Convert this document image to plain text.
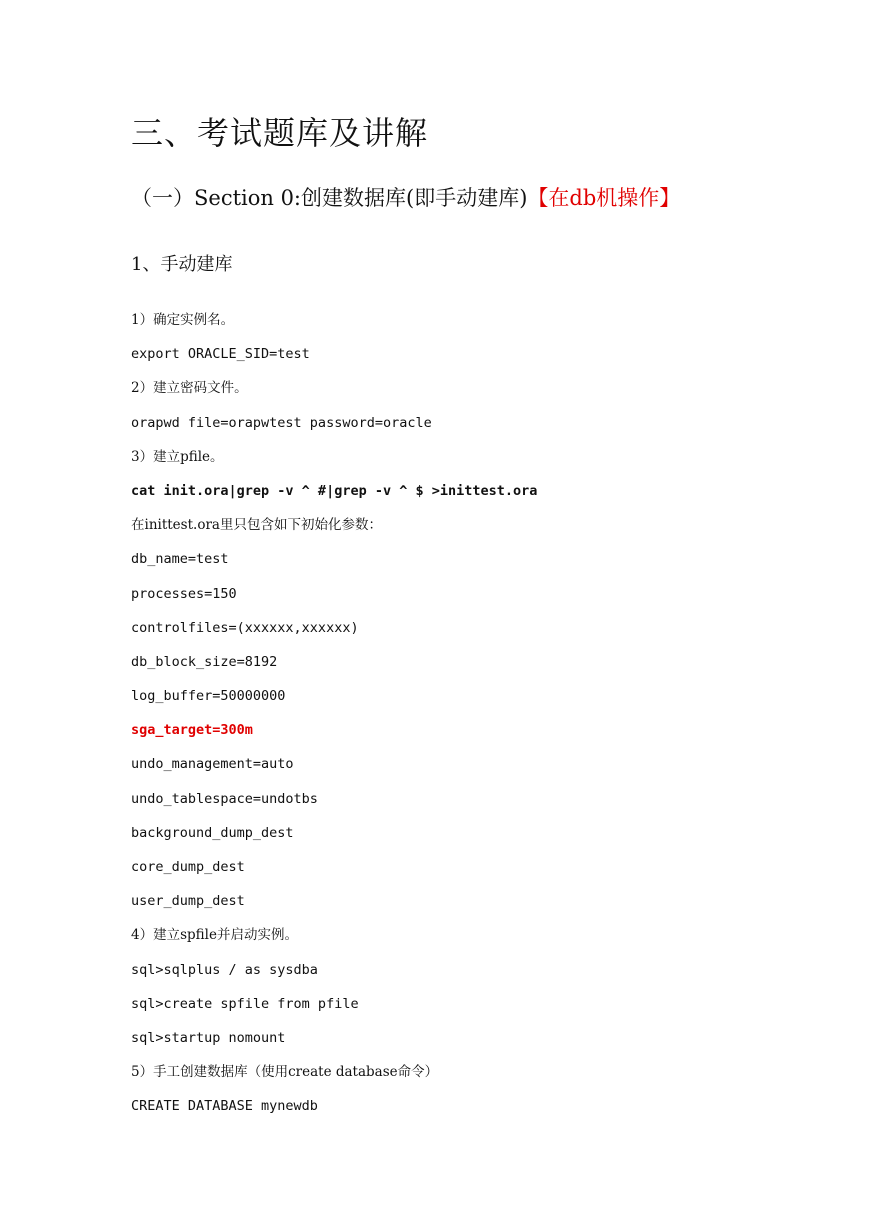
三、考试题库及讲解
（一）Section 0:创建数据库(即手动建库)【在db机操作】
1、手动建库
1）确定实例名。
export ORACLE_SID=test
2）建立密码文件。
orapwd file=orapwtest password=oracle
3）建立pfile。
cat init.ora|grep -v ^ #|grep -v ^ $ >inittest.ora
在inittest.ora里只包含如下初始化参数：
db_name=test
processes=150
controlfiles=(xxxxxx,xxxxxx)
db_block_size=8192
log_buffer=50000000
sga_target=300m
undo_management=auto
undo_tablespace=undotbs
background_dump_dest
core_dump_dest
user_dump_dest
4）建立spfile并启动实例。
sql>sqlplus / as sysdba
sql>create spfile from pfile
sql>startup nomount
5）手工创建数据库（使用create database命令）
CREATE DATABASE mynewdb
